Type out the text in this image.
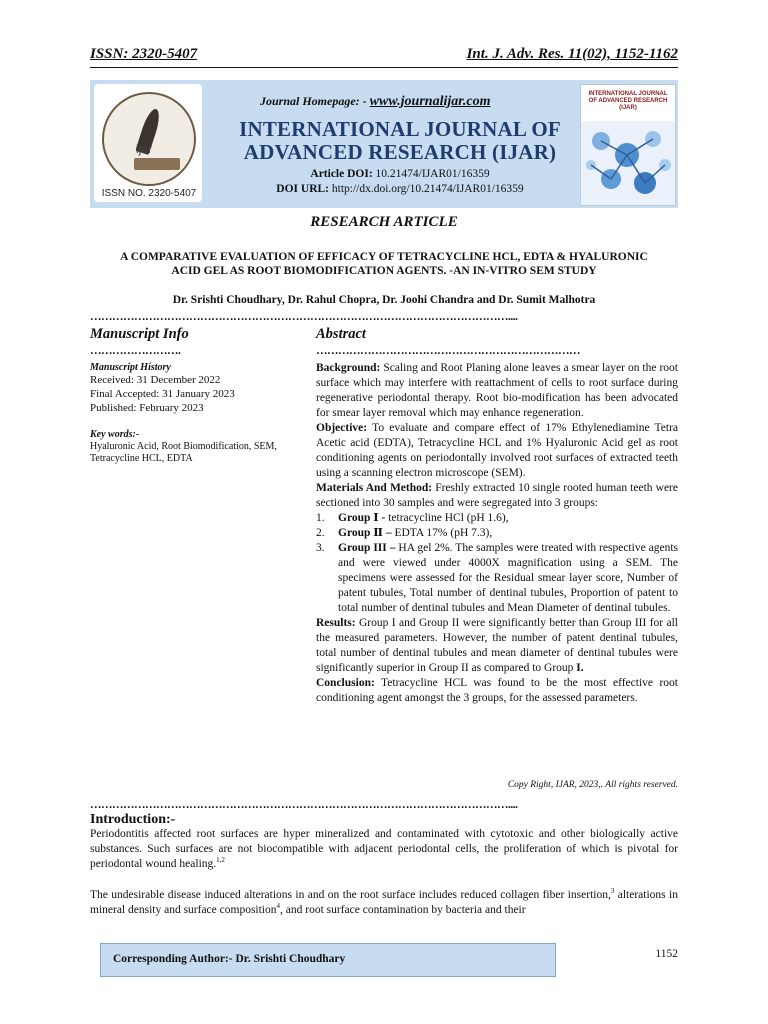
ISSN: 2320-5407	Int. J. Adv. Res. 11(02), 1152-1162
ijar
ISSN NO. 2320-5407
Journal Homepage: - www.journalijar.com
INTERNATIONAL JOURNAL OF
ADVANCED RESEARCH (IJAR)
Article DOI: 10.21474/IJAR01/16359
DOI URL: http://dx.doi.org/10.21474/IJAR01/16359
INTERNATIONAL JOURNAL OF ADVANCED RESEARCH (IJAR)
RESEARCH ARTICLE
A COMPARATIVE EVALUATION OF EFFICACY OF TETRACYCLINE HCL, EDTA & HYALURONIC
ACID GEL AS ROOT BIOMODIFICATION AGENTS. -AN IN-VITRO SEM STUDY
Dr. Srishti Choudhary, Dr. Rahul Chopra, Dr. Joohi Chandra and Dr. Sumit Malhotra
……………………………………………………………………………………………………....
Manuscript Info
…………………….
Manuscript History
Received: 31 December 2022
Final Accepted: 31 January 2023
Published: February 2023
Key words:-
Hyaluronic Acid, Root Biomodification, SEM, Tetracycline HCL, EDTA
Abstract
………………………………………………………………

Background: Scaling and Root Planing alone leaves a smear layer on the root surface which may interfere with reattachment of cells to root surface during regenerative periodontal therapy. Root bio-modification has been advocated for smear layer removal which may enhance regeneration.

Objective: To evaluate and compare effect of 17% Ethylenediamine Tetra Acetic acid (EDTA), Tetracycline HCL and 1% Hyaluronic Acid gel as root conditioning agents on periodontally involved root surfaces of extracted teeth using a scanning electron microscope (SEM).

Materials And Method: Freshly extracted 10 single rooted human teeth were sectioned into 30 samples and were segregated into 3 groups:

1. Group Ⅰ - tetracycline HCl (pH 1.6),
2. Group Ⅱ – EDTA 17% (pH 7.3),
3. Group III – HA gel 2%. The samples were treated with respective agents and were viewed under 4000X magnification using a SEM. The specimens were assessed for the Residual smear layer score, Number of patent tubules, Total number of dentinal tubules, Proportion of patent to total number of dentinal tubules and Mean Diameter of dentinal tubules.

Results: Group I and Group II were significantly better than Group III for all the measured parameters. However, the number of patent dentinal tubules, total number of dentinal tubules and mean diameter of dentinal tubules were significantly superior in Group II as compared to Group I.

Conclusion: Tetracycline HCL was found to be the most effective root conditioning agent amongst the 3 groups, for the assessed parameters.

Copy Right, IJAR, 2023,. All rights reserved.
……………………………………………………………………………………………………....
Introduction:-
Periodontitis affected root surfaces are hyper mineralized and contaminated with cytotoxic and other biologically active substances. Such surfaces are not biocompatible with adjacent periodontal cells, the proliferation of which is pivotal for periodontal wound healing.$^{1,2}$
The undesirable disease induced alterations in and on the root surface includes reduced collagen fiber insertion,$^3$ alterations in mineral density and surface composition$^4$, and root surface contamination by bacteria and their
Corresponding Author:- Dr. Srishti Choudhary	1152
